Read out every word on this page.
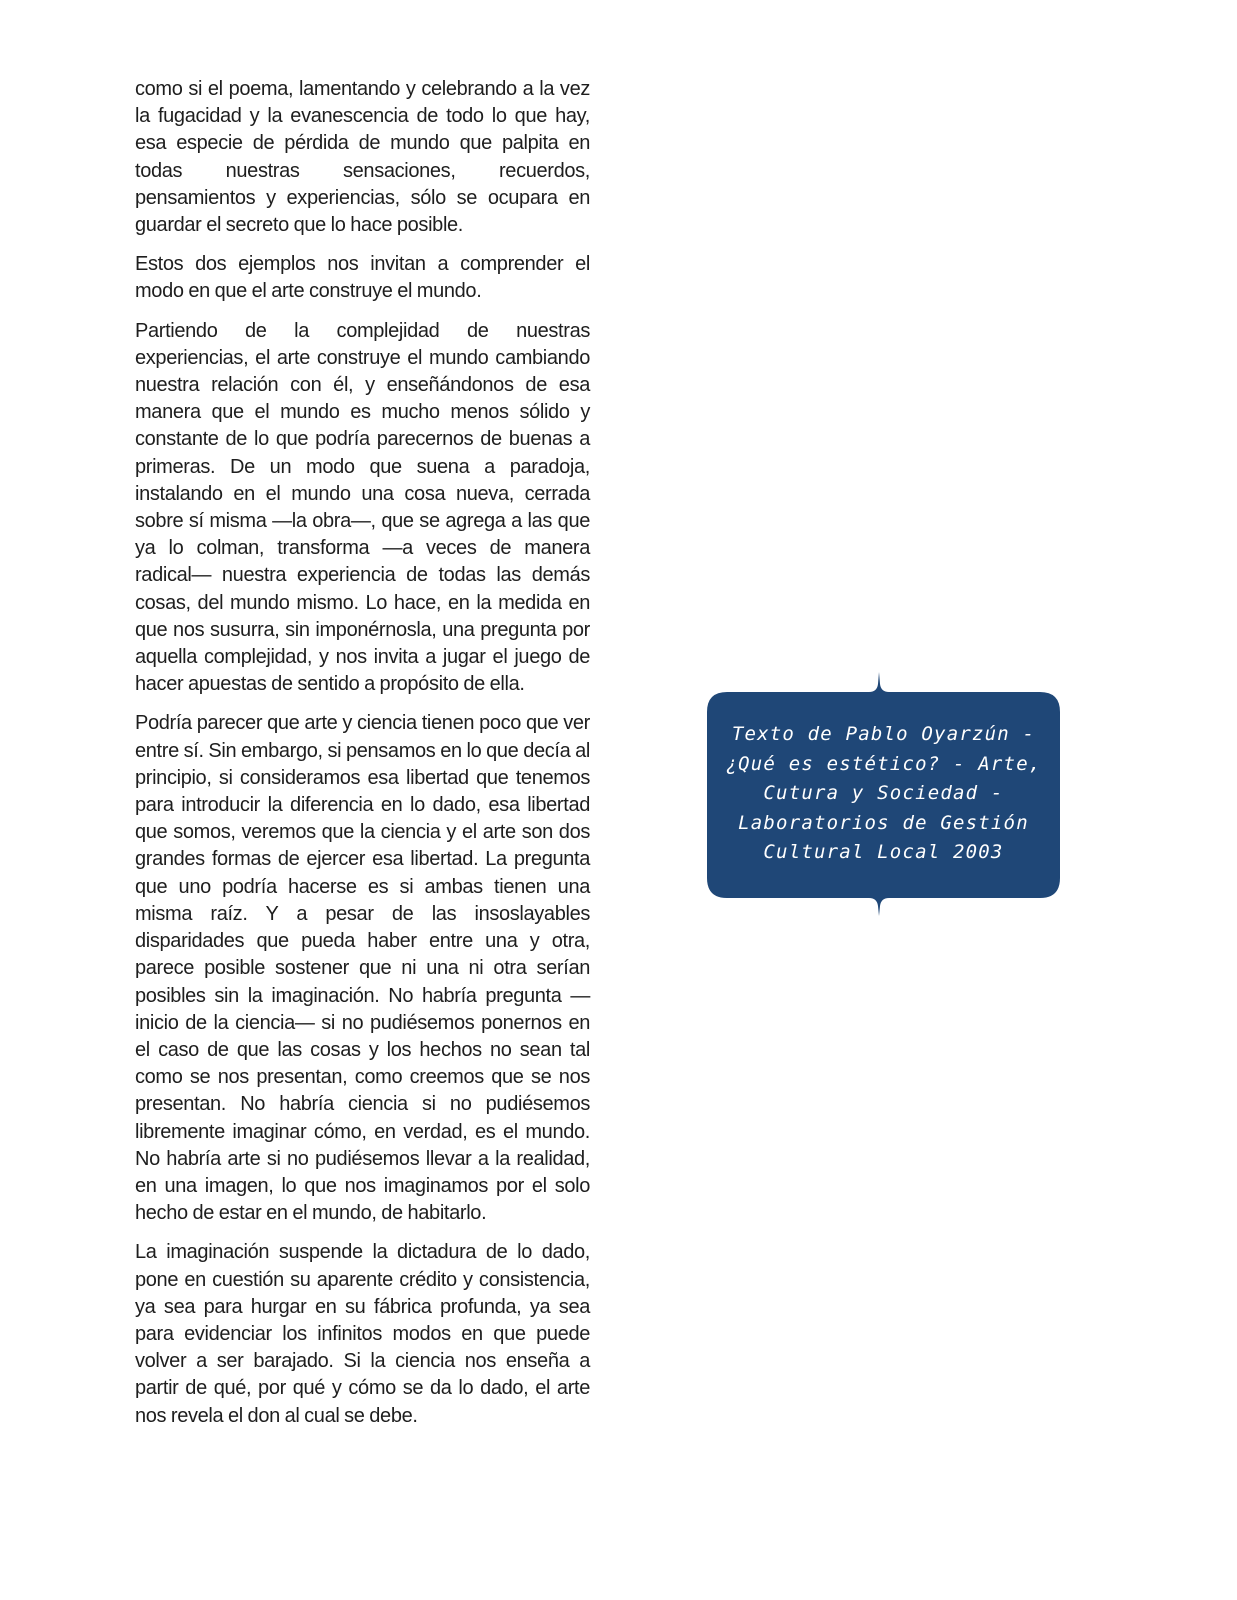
como si el poema, lamentando y celebrando a la vez la fugacidad y la evanescencia de todo lo que hay, esa especie de pérdida de mundo que palpita en todas nuestras sensaciones, recuerdos, pensamientos y experiencias, sólo se ocupara en guardar el secreto que lo hace posible.

Estos dos ejemplos nos invitan a comprender el modo en que el arte construye el mundo.

Partiendo de la complejidad de nuestras experiencias, el arte construye el mundo cambiando nuestra relación con él, y enseñándonos de esa manera que el mundo es mucho menos sólido y constante de lo que podría parecernos de buenas a primeras. De un modo que suena a paradoja, instalando en el mundo una cosa nueva, cerrada sobre sí misma —la obra—, que se agrega a las que ya lo colman, transforma —a veces de manera radical— nuestra experiencia de todas las demás cosas, del mundo mismo. Lo hace, en la medida en que nos susurra, sin imponérnosla, una pregunta por aquella complejidad, y nos invita a jugar el juego de hacer apuestas de sentido a propósito de ella.

Podría parecer que arte y ciencia tienen poco que ver entre sí. Sin embargo, si pensamos en lo que decía al principio, si consideramos esa libertad que tenemos para introducir la diferencia en lo dado, esa libertad que somos, veremos que la ciencia y el arte son dos grandes formas de ejercer esa libertad. La pregunta que uno podría hacerse es si ambas tienen una misma raíz. Y a pesar de las insoslayables disparidades que pueda haber entre una y otra, parece posible sostener que ni una ni otra serían posibles sin la imaginación. No habría pregunta —inicio de la ciencia— si no pudiésemos ponernos en el caso de que las cosas y los hechos no sean tal como se nos presentan, como creemos que se nos presentan. No habría ciencia si no pudiésemos libremente imaginar cómo, en verdad, es el mundo. No habría arte si no pudiésemos llevar a la realidad, en una imagen, lo que nos imaginamos por el solo hecho de estar en el mundo, de habitarlo.

La imaginación suspende la dictadura de lo dado, pone en cuestión su aparente crédito y consistencia, ya sea para hurgar en su fábrica profunda, ya sea para evidenciar los infinitos modos en que puede volver a ser barajado. Si la ciencia nos enseña a partir de qué, por qué y cómo se da lo dado, el arte nos revela el don al cual se debe.

Texto de Pablo Oyarzún - ¿Qué es estético? - Arte, Cutura y Sociedad - Laboratorios de Gestión Cultural Local 2003
